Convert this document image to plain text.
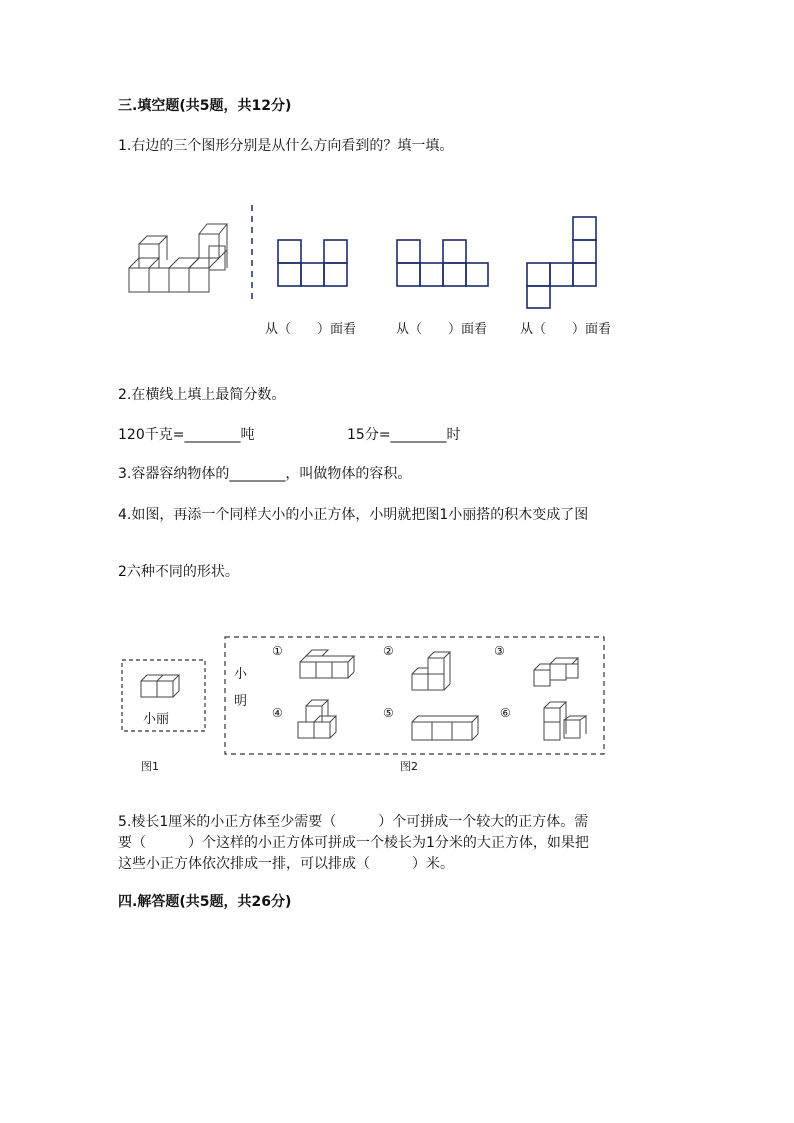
三.填空题(共5题，共12分)
1.右边的三个图形分别是从什么方向看到的？填一填。
从（　　）面看	从（　　）面看	从（　　）面看
2.在横线上填上最简分数。
120千克=________吨	15分=________时
3.容器容纳物体的________，叫做物体的容积。
4.如图，再添一个同样大小的小正方体，小明就把图1小丽搭的积木变成了图
2六种不同的形状。
小丽
小
明
①	②	③
④	⑤	⑥
图1	图2
5.棱长1厘米的小正方体至少需要（　　　）个可拼成一个较大的正方体。需
要（　　　）个这样的小正方体可拼成一个棱长为1分米的大正方体，如果把
这些小正方体依次排成一排，可以排成（　　　）米。
四.解答题(共5题，共26分)
